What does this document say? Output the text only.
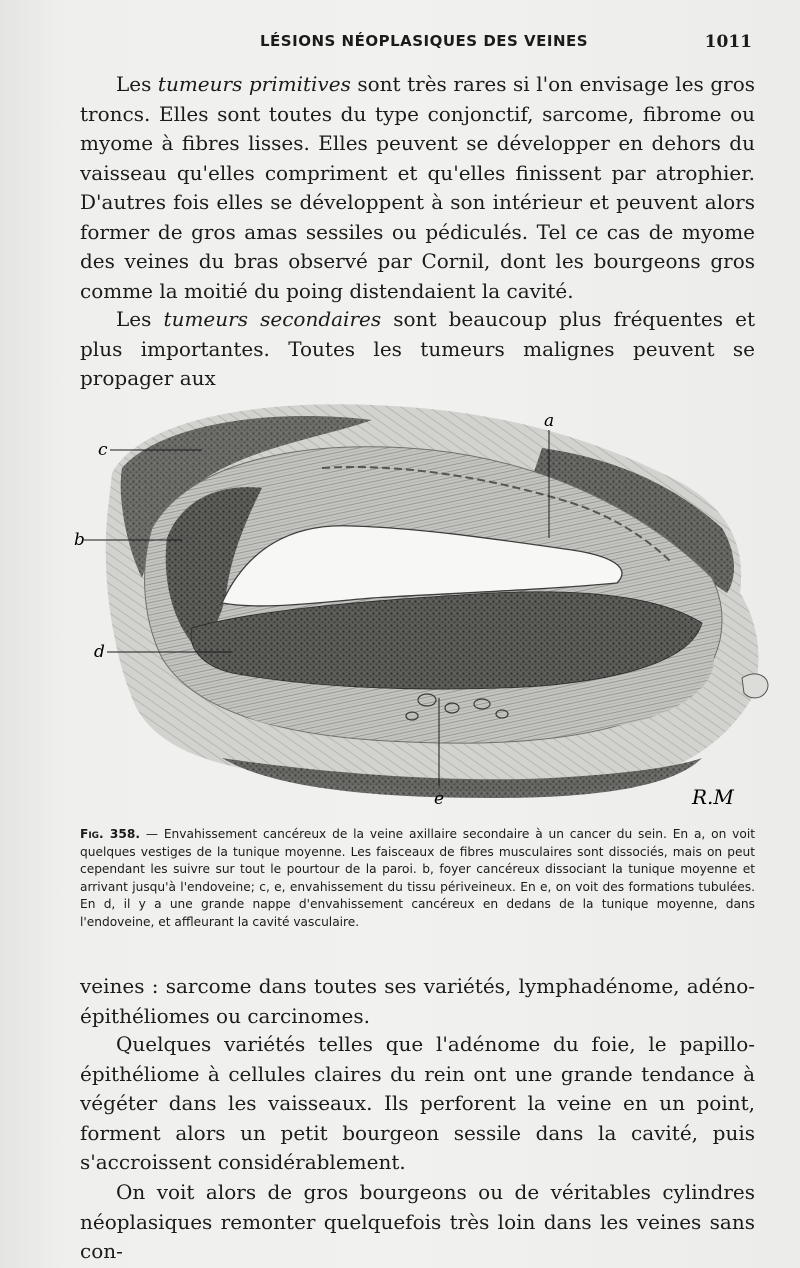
LÉSIONS NÉOPLASIQUES DES VEINES	1011

Les tumeurs primitives sont très rares si l'on envisage les gros troncs. Elles sont toutes du type conjonctif, sarcome, fibrome ou myome à fibres lisses. Elles peuvent se développer en dehors du vaisseau qu'elles compriment et qu'elles finissent par atrophier. D'autres fois elles se développent à son intérieur et peuvent alors former de gros amas sessiles ou pédiculés. Tel ce cas de myome des veines du bras observé par Cornil, dont les bourgeons gros comme la moitié du poing distendaient la cavité.

Les tumeurs secondaires sont beaucoup plus fréquentes et plus importantes. Toutes les tumeurs malignes peuvent se propager aux

c
b
d
a
e	R.M
Fig. 358. — Envahissement cancéreux de la veine axillaire secondaire à un cancer du sein. En a, on voit quelques vestiges de la tunique moyenne. Les faisceaux de fibres musculaires sont dissociés, mais on peut cependant les suivre sur tout le pourtour de la paroi. b, foyer cancéreux dissociant la tunique moyenne et arrivant jusqu'à l'endoveine; c, e, envahissement du tissu périveineux. En e, on voit des formations tubulées. En d, il y a une grande nappe d'envahissement cancéreux en dedans de la tunique moyenne, dans l'endoveine, et affleurant la cavité vasculaire.

veines : sarcome dans toutes ses variétés, lymphadénome, adéno-épithéliomes ou carcinomes.

Quelques variétés telles que l'adénome du foie, le papillo-épithéliome à cellules claires du rein ont une grande tendance à végéter dans les vaisseaux. Ils perforent la veine en un point, forment alors un petit bourgeon sessile dans la cavité, puis s'accroissent considérablement.

On voit alors de gros bourgeons ou de véritables cylindres néoplasiques remonter quelquefois très loin dans les veines sans con-
